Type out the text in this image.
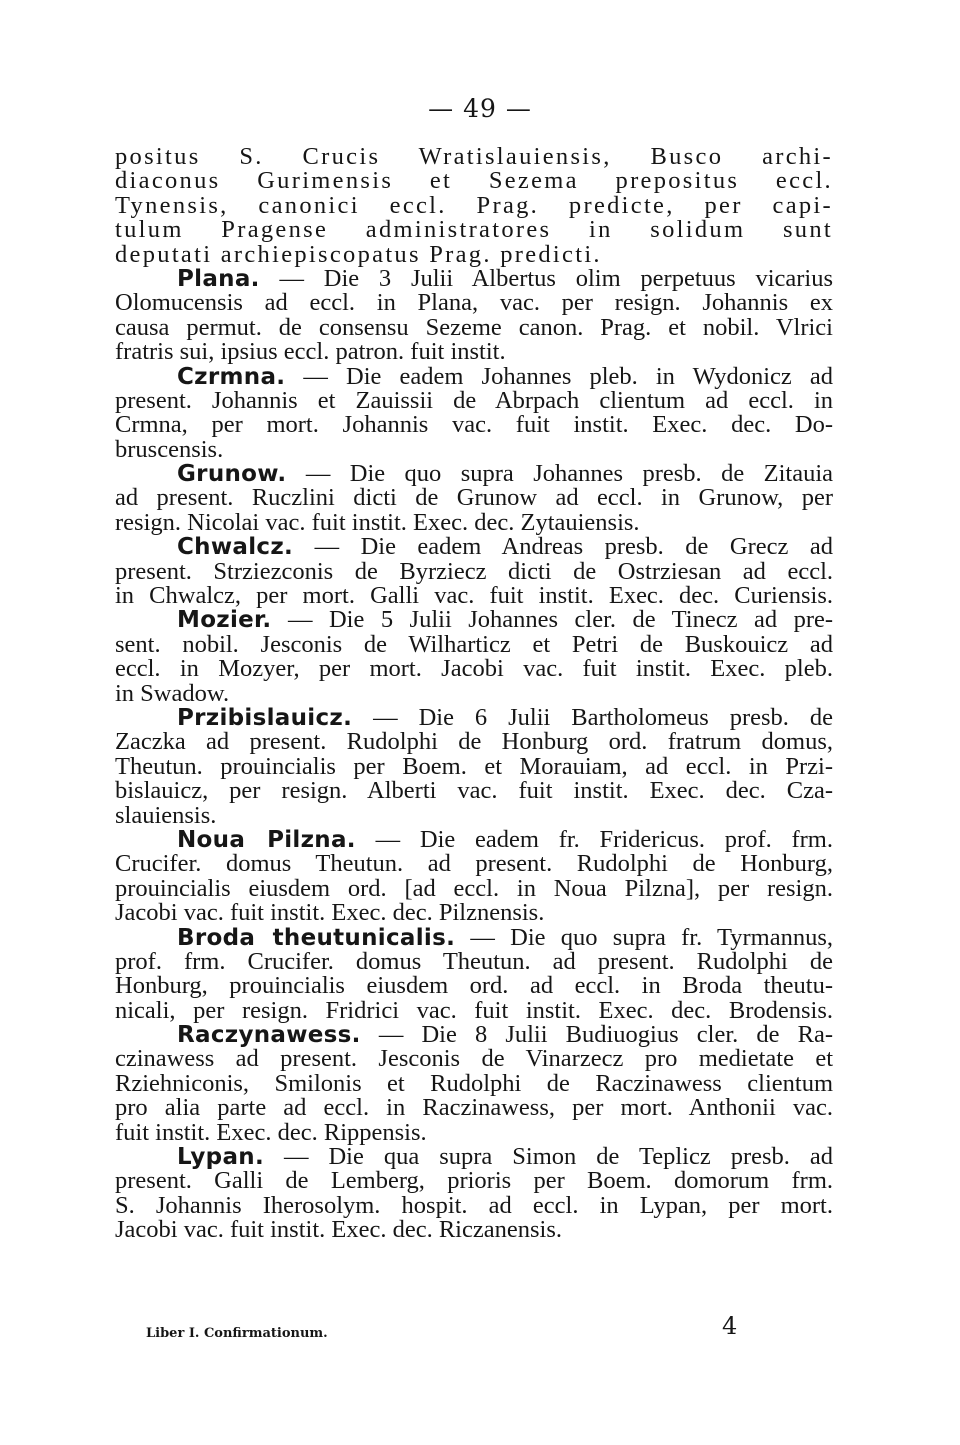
— 49 —
positus S. Crucis Wratislauiensis, Busco archi-
diaconus Gurimensis et Sezema prepositus eccl.
Tynensis, canonici eccl. Prag. predicte, per capi-
tulum Pragense administratores in solidum sunt
deputati archiepiscopatus Prag. predicti.
Plana. — Die 3 Julii Albertus olim perpetuus vicarius
Olomucensis ad eccl. in Plana, vac. per resign. Johannis ex
causa permut. de consensu Sezeme canon. Prag. et nobil. Vlrici
fratris sui, ipsius eccl. patron. fuit instit.
Czrmna. — Die eadem Johannes pleb. in Wydonicz ad
present. Johannis et Zauissii de Abrpach clientum ad eccl. in
Crmna, per mort. Johannis vac. fuit instit. Exec. dec. Do-
bruscensis.
Grunow. — Die quo supra Johannes presb. de Zitauia
ad present. Ruczlini dicti de Grunow ad eccl. in Grunow, per
resign. Nicolai vac. fuit instit. Exec. dec. Zytauiensis.
Chwalcz. — Die eadem Andreas presb. de Grecz ad
present. Strziezconis de Byrziecz dicti de Ostrziesan ad eccl.
in Chwalcz, per mort. Galli vac. fuit instit. Exec. dec. Curiensis.
Mozier. — Die 5 Julii Johannes cler. de Tinecz ad pre-
sent. nobil. Jesconis de Wilharticz et Petri de Buskouicz ad
eccl. in Mozyer, per mort. Jacobi vac. fuit instit. Exec. pleb.
in Swadow.
Przibislauicz. — Die 6 Julii Bartholomeus presb. de
Zaczka ad present. Rudolphi de Honburg ord. fratrum domus,
Theutun. prouincialis per Boem. et Morauiam, ad eccl. in Przi-
bislauicz, per resign. Alberti vac. fuit instit. Exec. dec. Cza-
slauiensis.
Noua Pilzna. — Die eadem fr. Fridericus. prof. frm.
Crucifer. domus Theutun. ad present. Rudolphi de Honburg,
prouincialis eiusdem ord. [ad eccl. in Noua Pilzna], per resign.
Jacobi vac. fuit instit. Exec. dec. Pilznensis.
Broda theutunicalis. — Die quo supra fr. Tyrmannus,
prof. frm. Crucifer. domus Theutun. ad present. Rudolphi de
Honburg, prouincialis eiusdem ord. ad eccl. in Broda theutu-
nicali, per resign. Fridrici vac. fuit instit. Exec. dec. Brodensis.
Raczynawess. — Die 8 Julii Budiuogius cler. de Ra-
czinawess ad present. Jesconis de Vinarzecz pro medietate et
Rziehniconis, Smilonis et Rudolphi de Raczinawess clientum
pro alia parte ad eccl. in Raczinawess, per mort. Anthonii vac.
fuit instit. Exec. dec. Rippensis.
Lypan. — Die qua supra Simon de Teplicz presb. ad
present. Galli de Lemberg, prioris per Boem. domorum frm.
S. Johannis Iherosolym. hospit. ad eccl. in Lypan, per mort.
Jacobi vac. fuit instit. Exec. dec. Riczanensis.
Liber I. Confirmationum.	4
